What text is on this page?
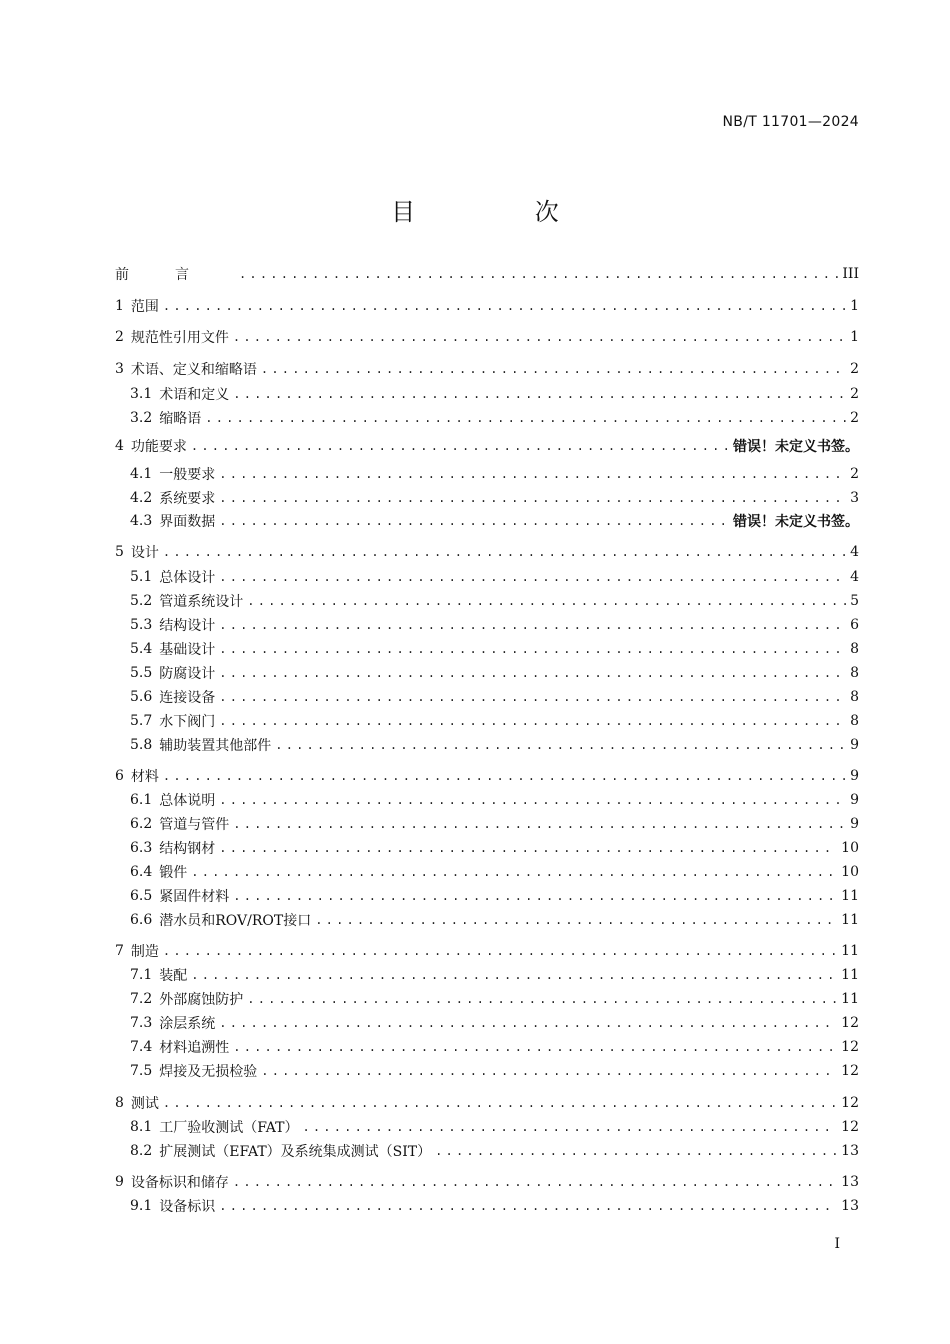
NB/T 11701—2024
目 次
前言 .....	III
1 范围 .....	1
2 规范性引用文件 .....	1
3 术语、定义和缩略语 .....	2
3.1 术语和定义 .....	2
3.2 缩略语 .....	2
4 功能要求 .....	错误！未定义书签。
4.1 一般要求 .....	2
4.2 系统要求 .....	3
4.3 界面数据 .....	错误！未定义书签。
5 设计 .....	4
5.1 总体设计 .....	4
5.2 管道系统设计 .....	5
5.3 结构设计 .....	6
5.4 基础设计 .....	8
5.5 防腐设计 .....	8
5.6 连接设备 .....	8
5.7 水下阀门 .....	8
5.8 辅助装置其他部件 .....	9
6 材料 .....	9
6.1 总体说明 .....	9
6.2 管道与管件 .....	9
6.3 结构钢材 .....	10
6.4 锻件 .....	10
6.5 紧固件材料 .....	11
6.6 潜水员和ROV/ROT接口 .....	11
7 制造 .....	11
7.1 装配 .....	11
7.2 外部腐蚀防护 .....	11
7.3 涂层系统 .....	12
7.4 材料追溯性 .....	12
7.5 焊接及无损检验 .....	12
8 测试 .....	12
8.1 工厂验收测试（FAT） .....	12
8.2 扩展测试（EFAT）及系统集成测试（SIT） .....	13
9 设备标识和储存 .....	13
9.1 设备标识 .....	13
I
